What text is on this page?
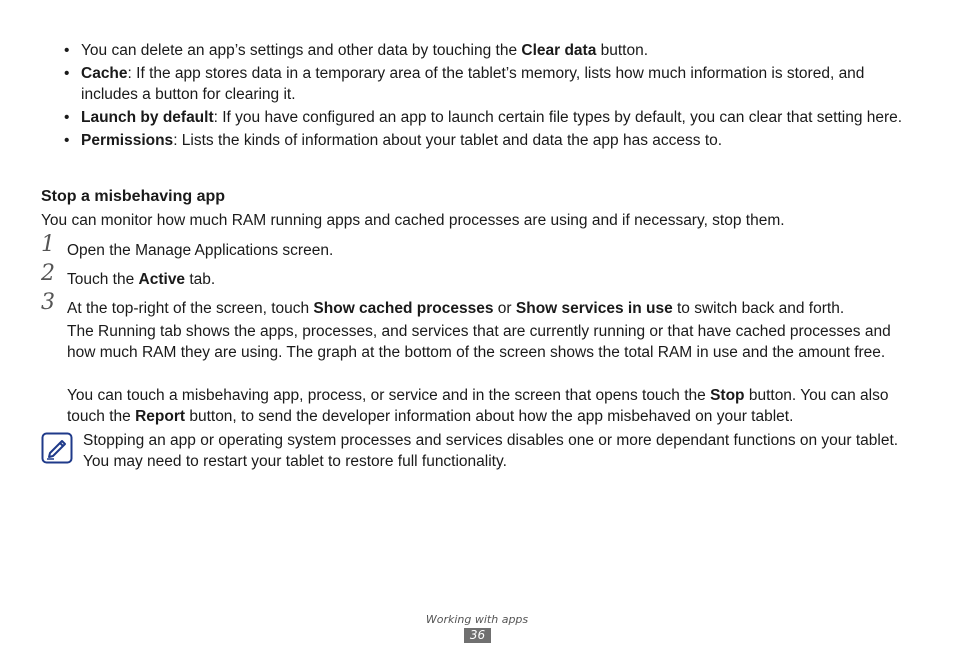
• You can delete an app’s settings and other data by touching the Clear data button.
• Cache: If the app stores data in a temporary area of the tablet’s memory, lists how much information is stored, and includes a button for clearing it.
• Launch by default: If you have configured an app to launch certain file types by default, you can clear that setting here.
• Permissions: Lists the kinds of information about your tablet and data the app has access to.
Stop a misbehaving app
You can monitor how much RAM running apps and cached processes are using and if necessary, stop them.
1 Open the Manage Applications screen.
2 Touch the Active tab.
3 At the top-right of the screen, touch Show cached processes or Show services in use to switch back and forth.
The Running tab shows the apps, processes, and services that are currently running or that have cached processes and how much RAM they are using. The graph at the bottom of the screen shows the total RAM in use and the amount free.
You can touch a misbehaving app, process, or service and in the screen that opens touch the Stop button. You can also touch the Report button, to send the developer information about how the app misbehaved on your tablet.
Stopping an app or operating system processes and services disables one or more dependant functions on your tablet. You may need to restart your tablet to restore full functionality.
Working with apps
36
